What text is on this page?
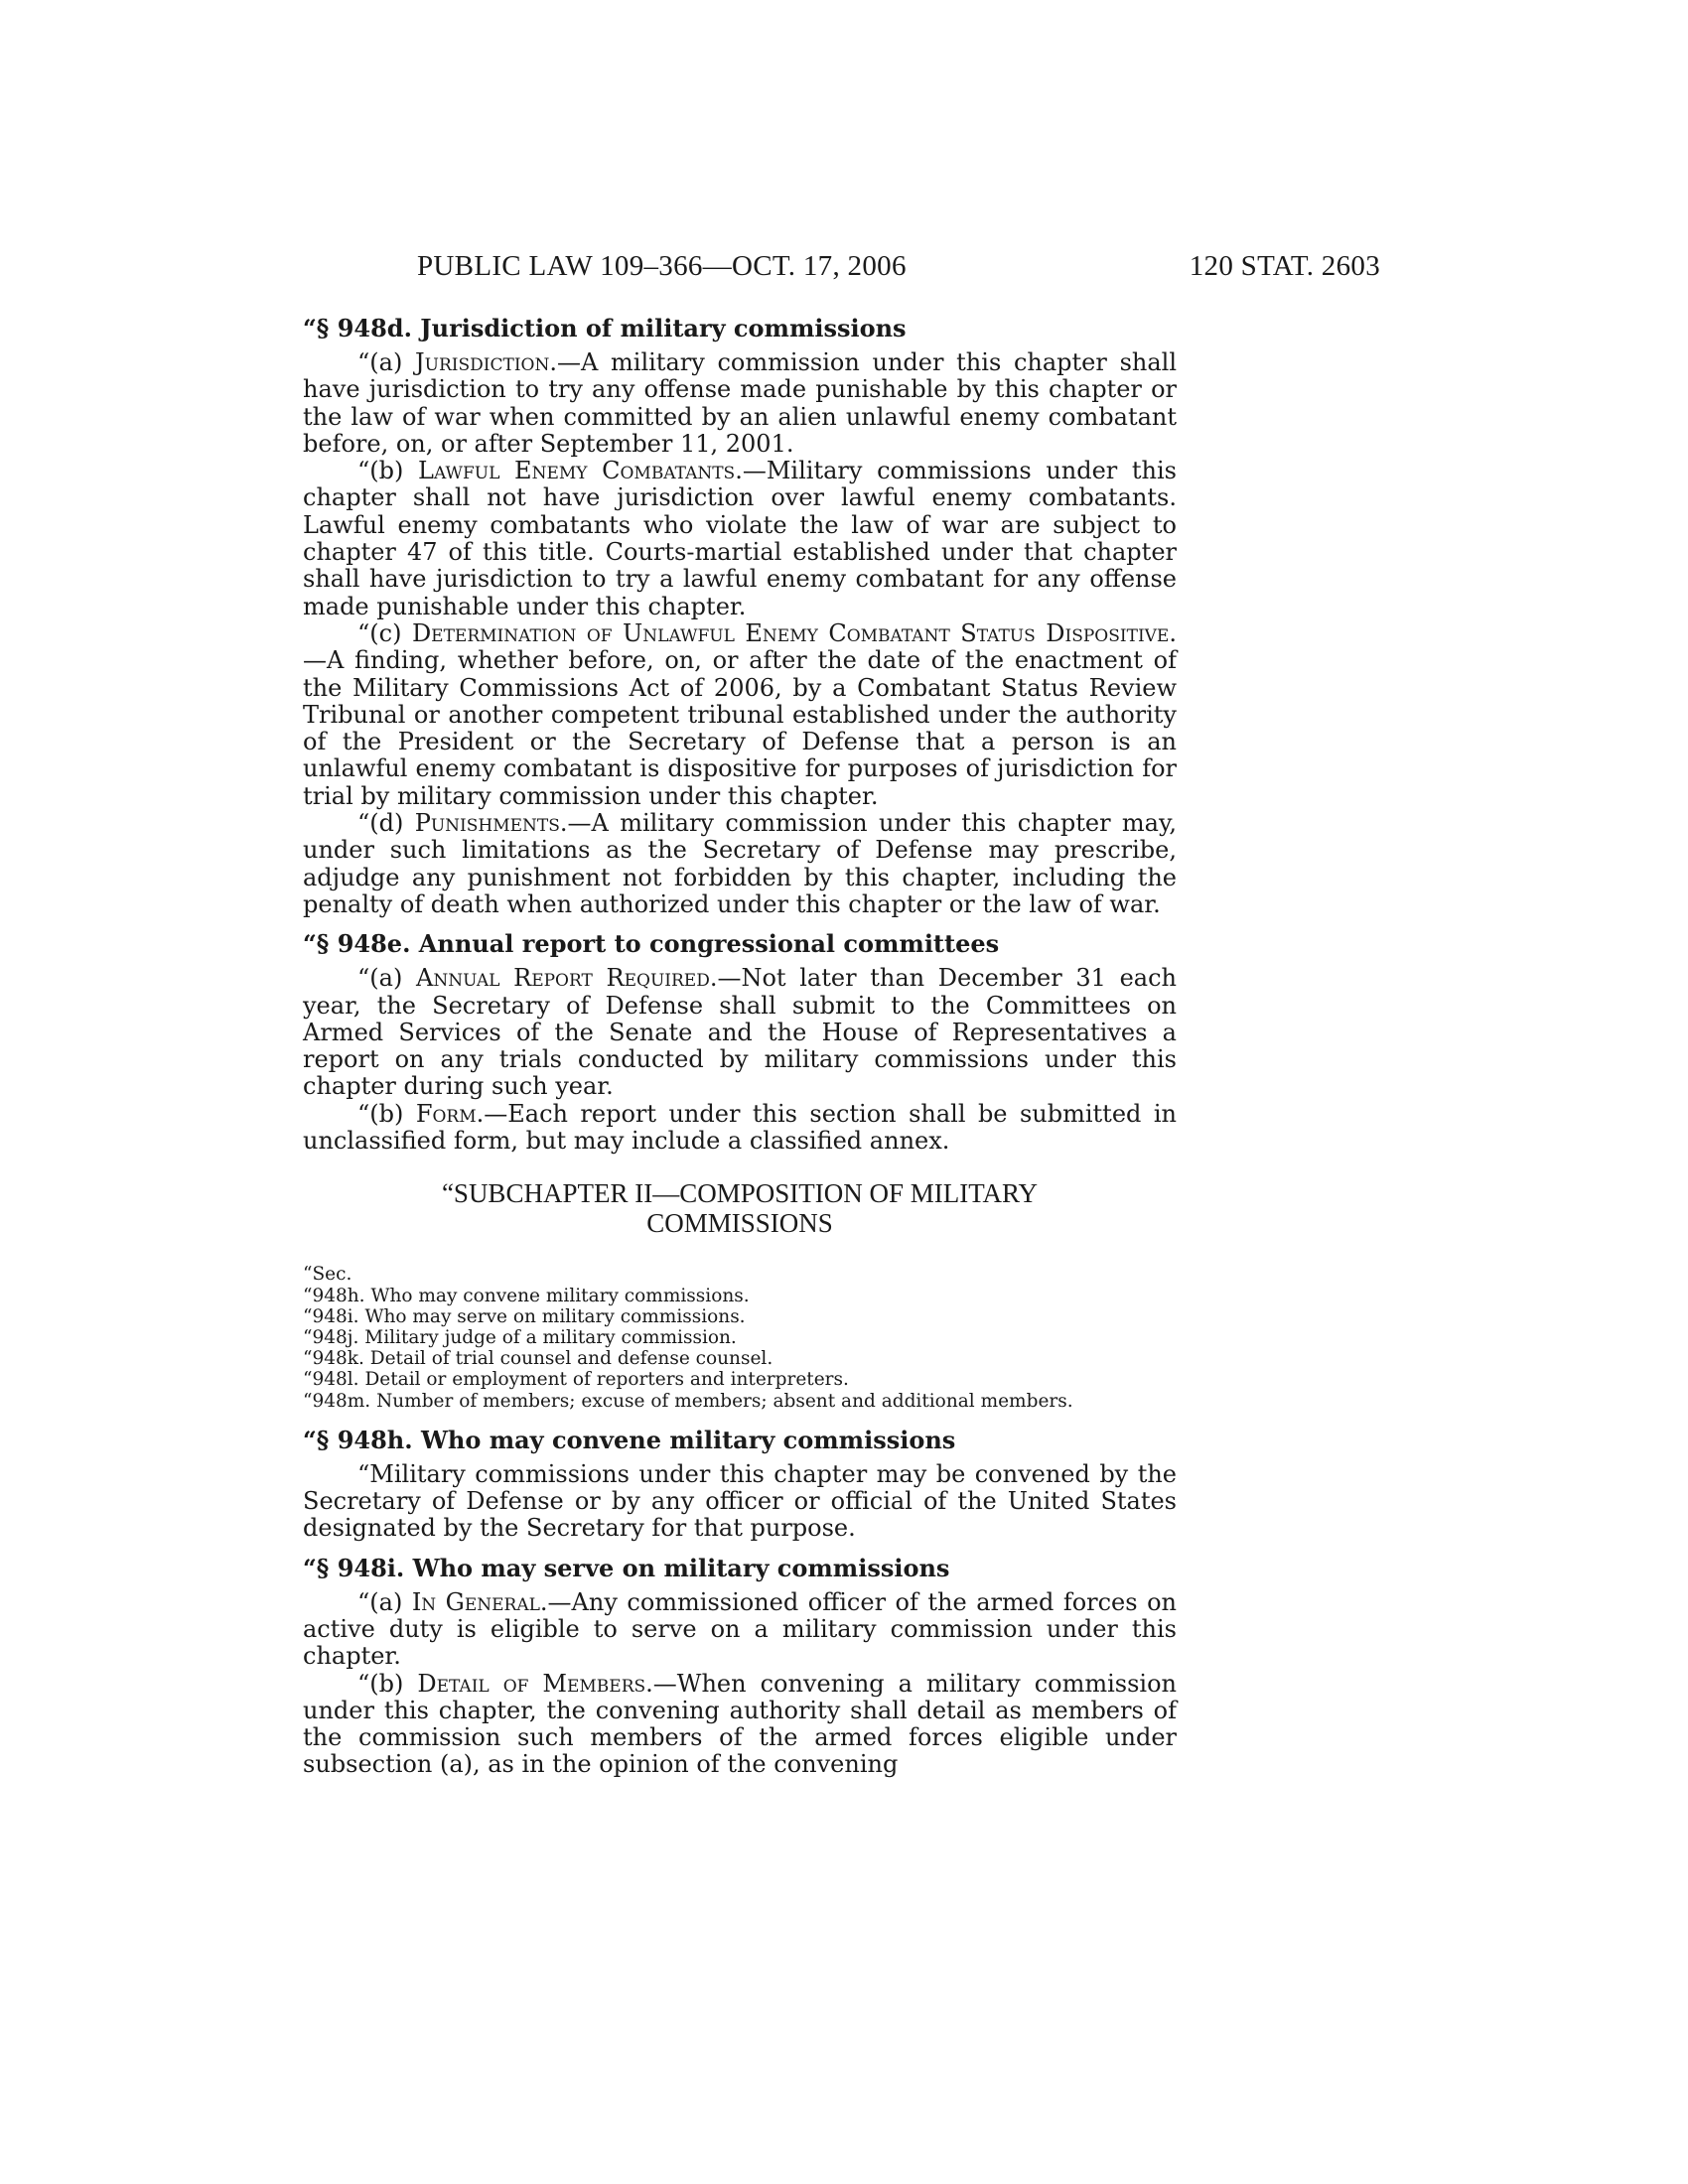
PUBLIC LAW 109–366—OCT. 17, 2006	120 STAT. 2603
“§ 948d. Jurisdiction of military commissions

“(a) Jurisdiction.—A military commission under this chapter shall have jurisdiction to try any offense made punishable by this chapter or the law of war when committed by an alien unlawful enemy combatant before, on, or after September 11, 2001.

“(b) Lawful Enemy Combatants.—Military commissions under this chapter shall not have jurisdiction over lawful enemy combatants. Lawful enemy combatants who violate the law of war are subject to chapter 47 of this title. Courts-martial established under that chapter shall have jurisdiction to try a lawful enemy combatant for any offense made punishable under this chapter.

“(c) Determination of Unlawful Enemy Combatant Status Dispositive.—A finding, whether before, on, or after the date of the enactment of the Military Commissions Act of 2006, by a Combatant Status Review Tribunal or another competent tribunal established under the authority of the President or the Secretary of Defense that a person is an unlawful enemy combatant is dispositive for purposes of jurisdiction for trial by military commission under this chapter.

“(d) Punishments.—A military commission under this chapter may, under such limitations as the Secretary of Defense may prescribe, adjudge any punishment not forbidden by this chapter, including the penalty of death when authorized under this chapter or the law of war.

“§ 948e. Annual report to congressional committees

“(a) Annual Report Required.—Not later than December 31 each year, the Secretary of Defense shall submit to the Committees on Armed Services of the Senate and the House of Representatives a report on any trials conducted by military commissions under this chapter during such year.

“(b) Form.—Each report under this section shall be submitted in unclassified form, but may include a classified annex.

“SUBCHAPTER II—COMPOSITION OF MILITARY
COMMISSIONS
“Sec.
“948h. Who may convene military commissions.
“948i. Who may serve on military commissions.
“948j. Military judge of a military commission.
“948k. Detail of trial counsel and defense counsel.
“948l. Detail or employment of reporters and interpreters.
“948m. Number of members; excuse of members; absent and additional members.
“§ 948h. Who may convene military commissions

“Military commissions under this chapter may be convened by the Secretary of Defense or by any officer or official of the United States designated by the Secretary for that purpose.

“§ 948i. Who may serve on military commissions

“(a) In General.—Any commissioned officer of the armed forces on active duty is eligible to serve on a military commission under this chapter.

“(b) Detail of Members.—When convening a military commission under this chapter, the convening authority shall detail as members of the commission such members of the armed forces eligible under subsection (a), as in the opinion of the convening
